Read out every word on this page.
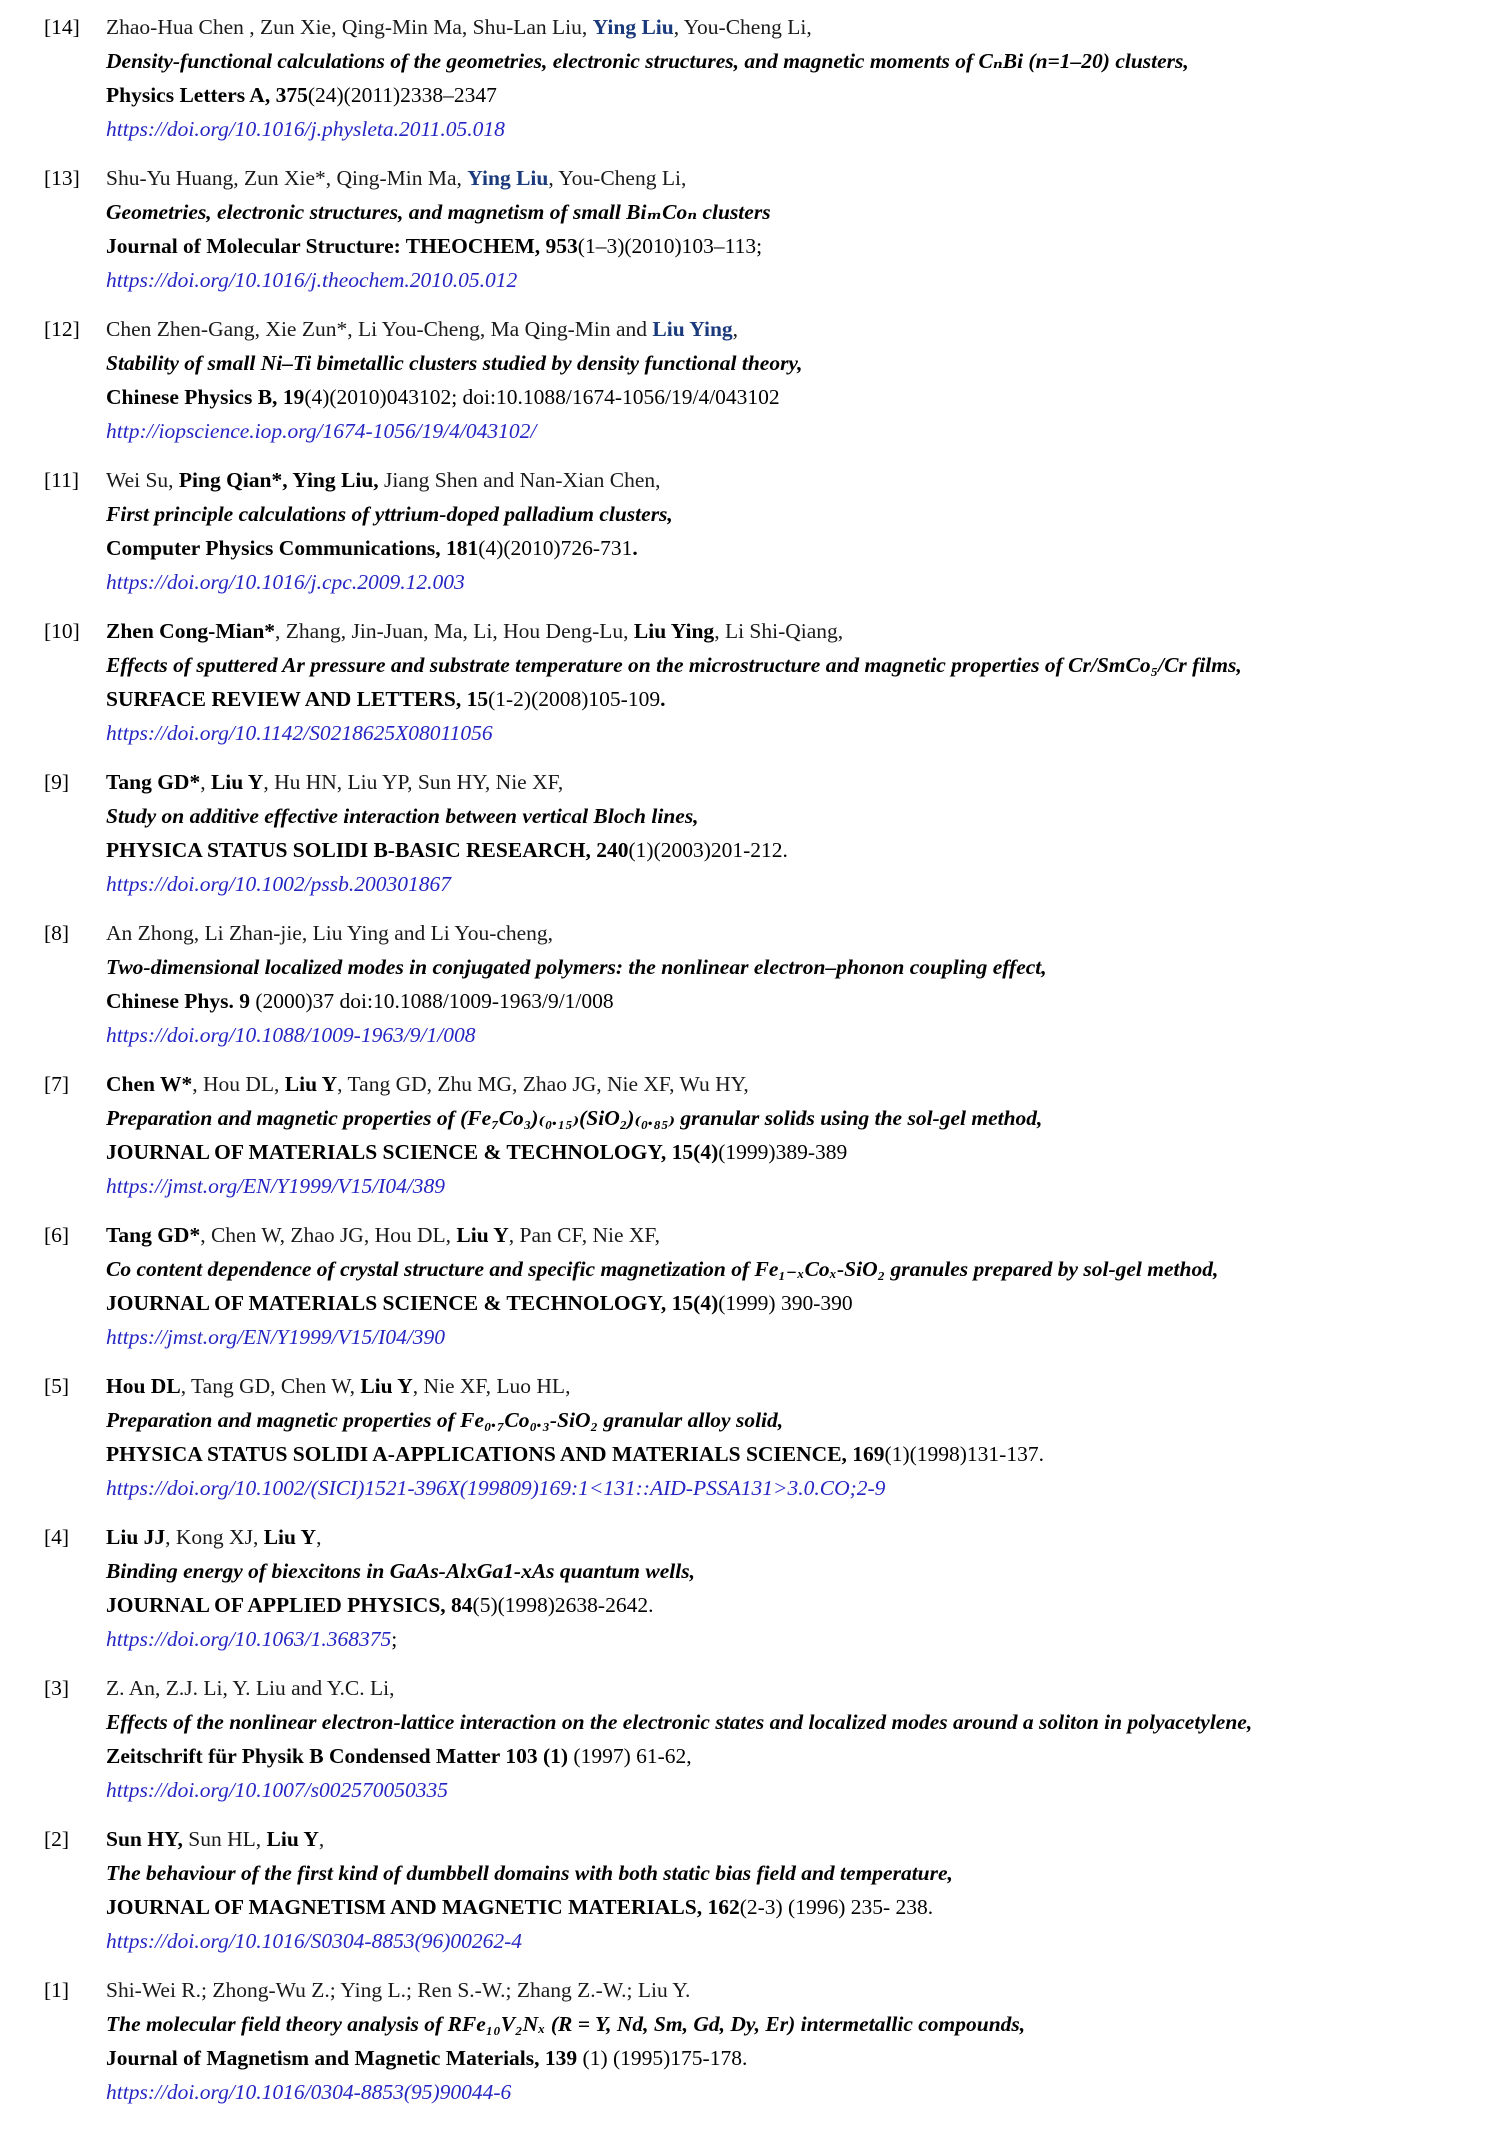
[14]	Zhao-Hua Chen , Zun Xie, Qing-Min Ma, Shu-Lan Liu, Ying Liu, You-Cheng Li,
Density-functional calculations of the geometries, electronic structures, and magnetic moments of CₙBi (n=1–20) clusters,
Physics Letters A, 375(24)(2011)2338–2347
https://doi.org/10.1016/j.physleta.2011.05.018
[13]	Shu-Yu Huang, Zun Xie*, Qing-Min Ma, Ying Liu, You-Cheng Li,
Geometries, electronic structures, and magnetism of small BiₘCoₙ clusters
Journal of Molecular Structure: THEOCHEM, 953(1–3)(2010)103–113;
https://doi.org/10.1016/j.theochem.2010.05.012
[12]	Chen Zhen-Gang, Xie Zun*, Li You-Cheng, Ma Qing-Min and Liu Ying,
Stability of small Ni–Ti bimetallic clusters studied by density functional theory,
Chinese Physics B, 19(4)(2010)043102; doi:10.1088/1674-1056/19/4/043102
http://iopscience.iop.org/1674-1056/19/4/043102/
[11]	Wei Su, Ping Qian*, Ying Liu, Jiang Shen and Nan-Xian Chen,
First principle calculations of yttrium-doped palladium clusters,
Computer Physics Communications, 181(4)(2010)726-731.
https://doi.org/10.1016/j.cpc.2009.12.003
[10]	Zhen Cong-Mian*, Zhang, Jin-Juan, Ma, Li, Hou Deng-Lu, Liu Ying, Li Shi-Qiang,
Effects of sputtered Ar pressure and substrate temperature on the microstructure and magnetic properties of Cr/SmCo₅/Cr films,
SURFACE REVIEW AND LETTERS, 15(1-2)(2008)105-109.
https://doi.org/10.1142/S0218625X08011056
[9]	Tang GD*, Liu Y, Hu HN, Liu YP, Sun HY, Nie XF,
Study on additive effective interaction between vertical Bloch lines,
PHYSICA STATUS SOLIDI B-BASIC RESEARCH, 240(1)(2003)201-212.
https://doi.org/10.1002/pssb.200301867
[8]	An Zhong, Li Zhan-jie, Liu Ying and Li You-cheng,
Two-dimensional localized modes in conjugated polymers: the nonlinear electron–phonon coupling effect,
Chinese Phys. 9 (2000)37 doi:10.1088/1009-1963/9/1/008
https://doi.org/10.1088/1009-1963/9/1/008
[7]	Chen W*, Hou DL, Liu Y, Tang GD, Zhu MG, Zhao JG, Nie XF, Wu HY,
Preparation and magnetic properties of (Fe₇Co₃)₍₀.₁₅₎(SiO₂)₍₀.₈₅₎ granular solids using the sol-gel method,
JOURNAL OF MATERIALS SCIENCE & TECHNOLOGY, 15(4)(1999)389-389
https://jmst.org/EN/Y1999/V15/I04/389
[6]	Tang GD*, Chen W, Zhao JG, Hou DL, Liu Y, Pan CF, Nie XF,
Co content dependence of crystal structure and specific magnetization of Fe₁₋ₓCoₓ-SiO₂ granules prepared by sol-gel method,
JOURNAL OF MATERIALS SCIENCE & TECHNOLOGY, 15(4)(1999) 390-390
https://jmst.org/EN/Y1999/V15/I04/390
[5]	Hou DL, Tang GD, Chen W, Liu Y, Nie XF, Luo HL,
Preparation and magnetic properties of Fe₀.₇Co₀.₃-SiO₂ granular alloy solid,
PHYSICA STATUS SOLIDI A-APPLICATIONS AND MATERIALS SCIENCE, 169(1)(1998)131-137.
https://doi.org/10.1002/(SICI)1521-396X(199809)169:1<131::AID-PSSA131>3.0.CO;2-9
[4]	Liu JJ, Kong XJ, Liu Y,
Binding energy of biexcitons in GaAs-AlxGa1-xAs quantum wells,
JOURNAL OF APPLIED PHYSICS, 84(5)(1998)2638-2642.
https://doi.org/10.1063/1.368375;
[3]	Z. An, Z.J. Li, Y. Liu and Y.C. Li,
Effects of the nonlinear electron-lattice interaction on the electronic states and localized modes around a soliton in polyacetylene,
Zeitschrift für Physik B Condensed Matter 103 (1) (1997) 61-62,
https://doi.org/10.1007/s002570050335
[2]	Sun HY, Sun HL, Liu Y,
The behaviour of the first kind of dumbbell domains with both static bias field and temperature,
JOURNAL OF MAGNETISM AND MAGNETIC MATERIALS, 162(2-3) (1996) 235- 238.
https://doi.org/10.1016/S0304-8853(96)00262-4
[1]	Shi-Wei R.; Zhong-Wu Z.; Ying L.; Ren S.-W.; Zhang Z.-W.; Liu Y.
The molecular field theory analysis of RFe₁₀V₂Nₓ (R = Y, Nd, Sm, Gd, Dy, Er) intermetallic compounds,
Journal of Magnetism and Magnetic Materials, 139 (1) (1995)175-178.
https://doi.org/10.1016/0304-8853(95)90044-6
